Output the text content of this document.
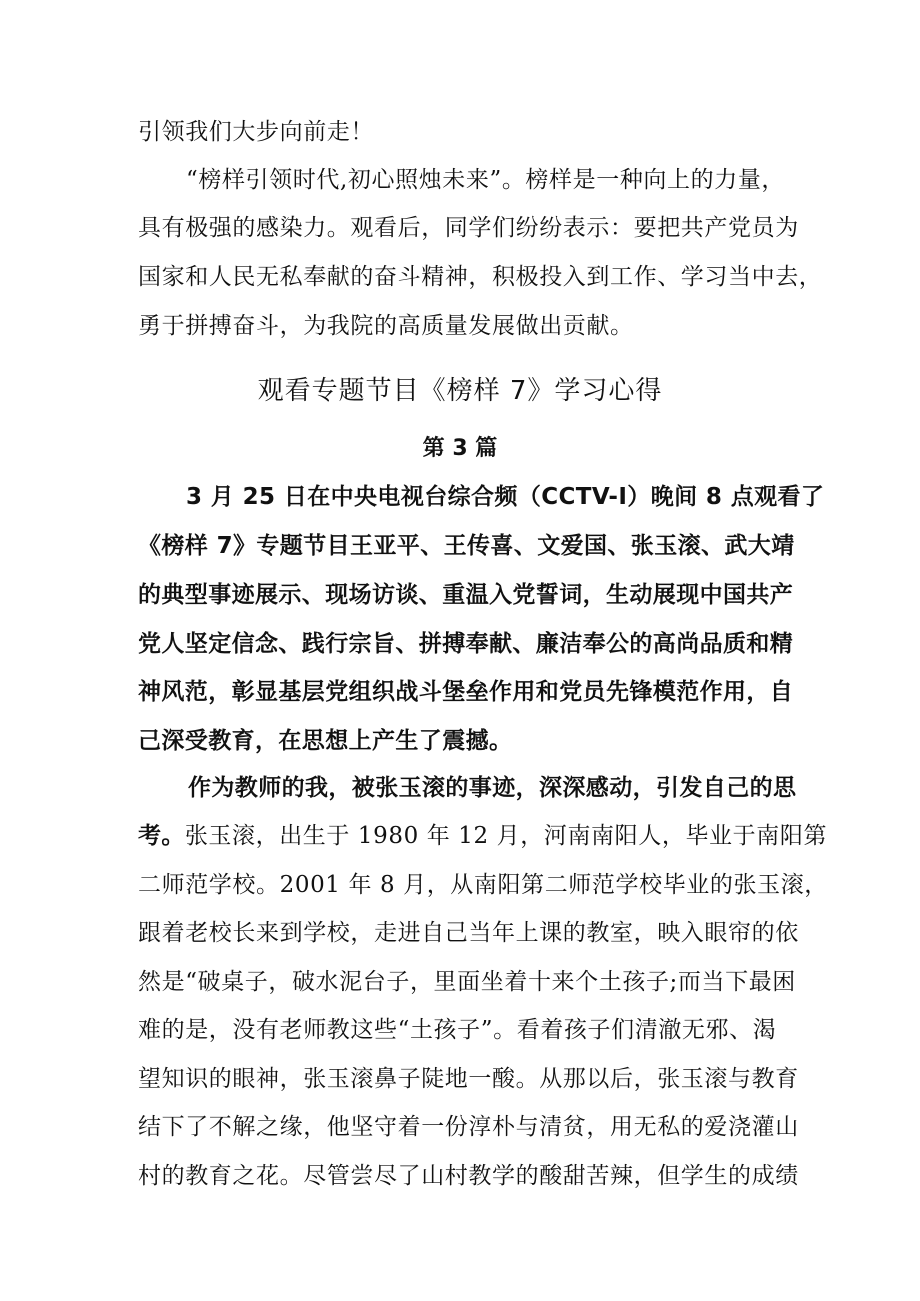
引领我们大步向前走！
“榜样引领时代,初心照烛未来”。榜样是一种向上的力量，
具有极强的感染力。观看后，同学们纷纷表示：要把共产党员为
国家和人民无私奉献的奋斗精神，积极投入到工作、学习当中去，
勇于拼搏奋斗，为我院的高质量发展做出贡献。
观看专题节目《榜样 7》学习心得
第 3 篇
3 月 25 日在中央电视台综合频（CCTV-I）晚间 8 点观看了
《榜样 7》专题节目王亚平、王传喜、文爱国、张玉滚、武大靖
的典型事迹展示、现场访谈、重温入党誓词，生动展现中国共产
党人坚定信念、践行宗旨、拼搏奉献、廉洁奉公的高尚品质和精
神风范，彰显基层党组织战斗堡垒作用和党员先锋模范作用，自
己深受教育，在思想上产生了震撼。
作为教师的我，被张玉滚的事迹，深深感动，引发自己的思
考。张玉滚，出生于 1980 年 12 月，河南南阳人，毕业于南阳第
二师范学校。2001 年 8 月，从南阳第二师范学校毕业的张玉滚，
跟着老校长来到学校，走进自己当年上课的教室，映入眼帘的依
然是“破桌子，破水泥台子，里面坐着十来个土孩子;而当下最困
难的是，没有老师教这些“土孩子”。看着孩子们清澈无邪、渴
望知识的眼神，张玉滚鼻子陡地一酸。从那以后，张玉滚与教育
结下了不解之缘，他坚守着一份淳朴与清贫，用无私的爱浇灌山
村的教育之花。尽管尝尽了山村教学的酸甜苦辣，但学生的成绩
